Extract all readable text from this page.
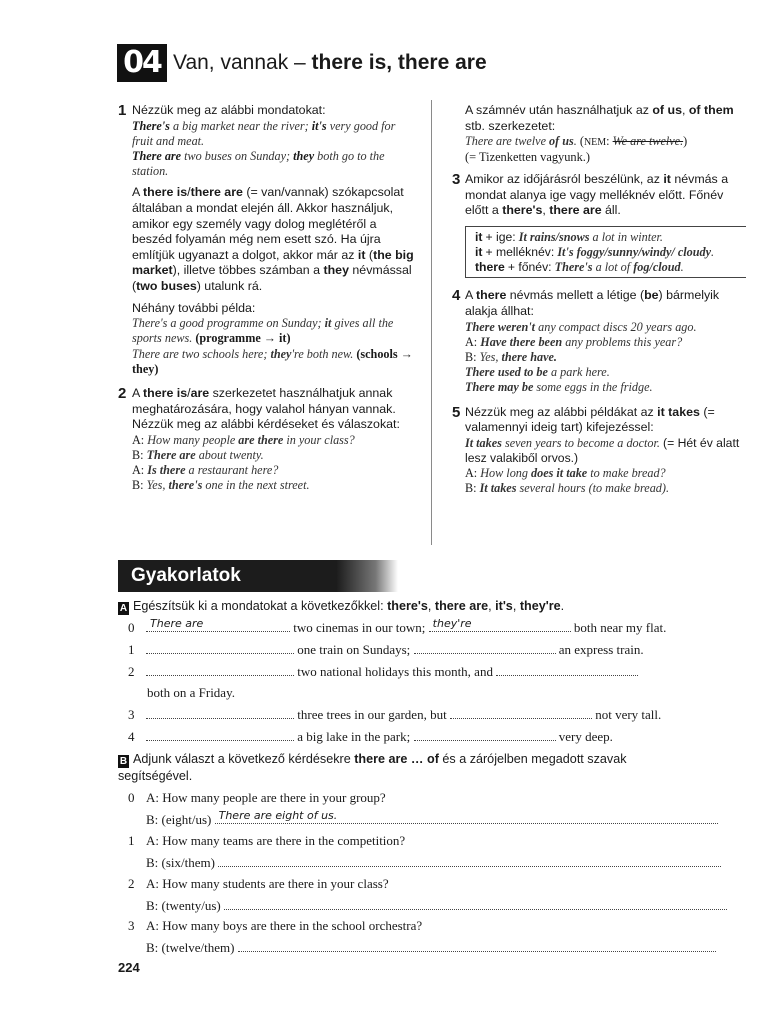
04 Van, vannak – there is, there are
1 Nézzük meg az alábbi mondatokat:

There's a big market near the river; it's very good for fruit and meat.

There are two buses on Sunday; they both go to the station.

A there is/there are (= van/vannak) szókapcsolat általában a mondat elején áll. Akkor használjuk, amikor egy személy vagy dolog meglétéről a beszéd folyamán még nem esett szó. Ha újra említjük ugyanazt a dolgot, akkor már az it (the big market), illetve többes számban a they névmással (two buses) utalunk rá.

Néhány további példa:

There's a good programme on Sunday; it gives all the sports news. (programme → it)

There are two schools here; they're both new. (schools → they)

2 A there is/are szerkezetet használhatjuk annak meghatározására, hogy valahol hányan vannak. Nézzük meg az alábbi kérdéseket és válaszokat:

A: How many people are there in your class?

B: There are about twenty.

A: Is there a restaurant here?

B: Yes, there's one in the next street.

A számnév után használhatjuk az of us, of them stb. szerkezetet:

There are twelve of us. (NEM: We are twelve.)

(= Tizenketten vagyunk.)

3 Amikor az időjárásról beszélünk, az it névmás a mondat alanya ige vagy melléknév előtt. Főnév előtt a there's, there are áll.

it + ige: It rains/snows a lot in winter.

it + melléknév: It's foggy/sunny/windy/ cloudy.

there + főnév: There's a lot of fog/cloud.

4 A there névmás mellett a létige (be) bármelyik alakja állhat:

There weren't any compact discs 20 years ago.

A: Have there been any problems this year?

B: Yes, there have.

There used to be a park here.

There may be some eggs in the fridge.

5 Nézzük meg az alábbi példákat az it takes (= valamennyi ideig tart) kifejezéssel:

It takes seven years to become a doctor. (= Hét év alatt lesz valakiből orvos.)

A: How long does it take to make bread?

B: It takes several hours (to make bread).

Gyakorlatok
A Egészítsük ki a mondatokat a következőkkel: there's, there are, it's, they're.
0 There are	two cinemas in our town; they're	both near my flat.
1	one train on Sundays;	an express train.
2	two national holidays this month, and
both on a Friday.
3	three trees in our garden, but	not very tall.
4	a big lake in the park;	very deep.
B Adjunk választ a következő kérdésekre there are … of és a zárójelben megadott szavak segítségével.
0 A: How many people are there in your group?
B: (eight/us) There are eight of us.
1 A: How many teams are there in the competition?
B: (six/them)
2 A: How many students are there in your class?
B: (twenty/us)
3 A: How many boys are there in the school orchestra?
B: (twelve/them)
224
